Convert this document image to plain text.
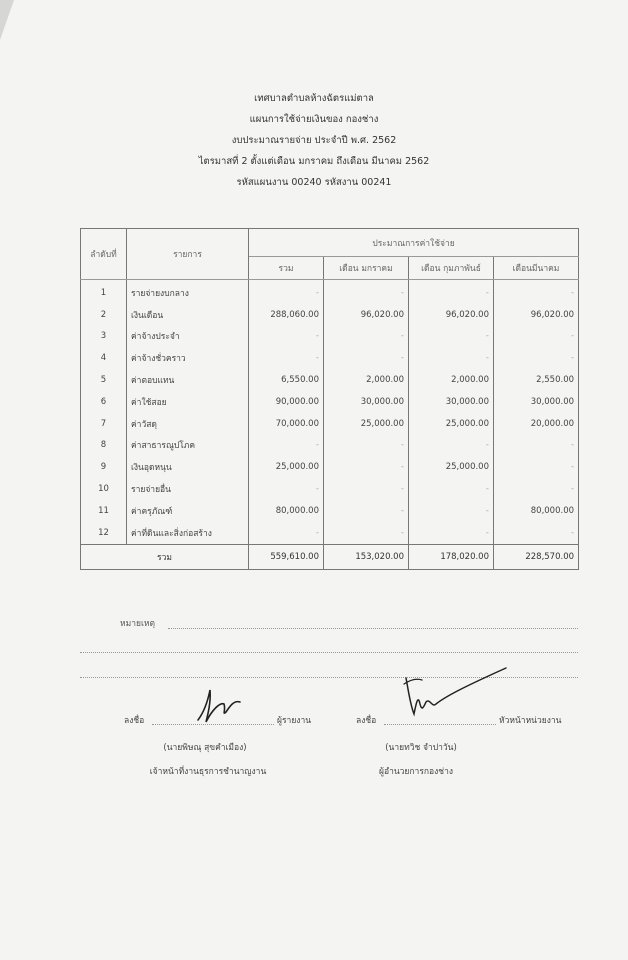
เทศบาลตำบลห้างฉัตรแม่ตาล
แผนการใช้จ่ายเงินของ กองช่าง
งบประมาณรายจ่าย ประจำปี พ.ศ. 2562
ไตรมาสที่ 2 ตั้งแต่เดือน มกราคม ถึงเดือน มีนาคม 2562
รหัสแผนงาน 00240 รหัสงาน 00241
ลำดับที่	รายการ	ประมาณการค่าใช้จ่าย			
		รวม	เดือน มกราคม	เดือน กุมภาพันธ์	เดือนมีนาคม
1	รายจ่ายงบกลาง	-	-	-	-
2	เงินเดือน	288,060.00	96,020.00	96,020.00	96,020.00
3	ค่าจ้างประจำ	-	-	-	-
4	ค่าจ้างชั่วคราว	-	-	-	-
5	ค่าตอบแทน	6,550.00	2,000.00	2,000.00	2,550.00
6	ค่าใช้สอย	90,000.00	30,000.00	30,000.00	30,000.00
7	ค่าวัสดุ	70,000.00	25,000.00	25,000.00	20,000.00
8	ค่าสาธารณูปโภค	-	-	-	-
9	เงินอุดหนุน	25,000.00	-	25,000.00	-
10	รายจ่ายอื่น	-	-	-	-
11	ค่าครุภัณฑ์	80,000.00	-	-	80,000.00
12	ค่าที่ดินและสิ่งก่อสร้าง	-	-	-	-
รวม		559,610.00	153,020.00	178,020.00	228,570.00
หมายเหตุ
ลงชื่อ	ผู้รายงาน
(นายพิษณุ สุขคำเมือง)
เจ้าหน้าที่งานธุรการชำนาญงาน
ลงชื่อ	หัวหน้าหน่วยงาน
(นายทวิช จำปาวัน)
ผู้อำนวยการกองช่าง
